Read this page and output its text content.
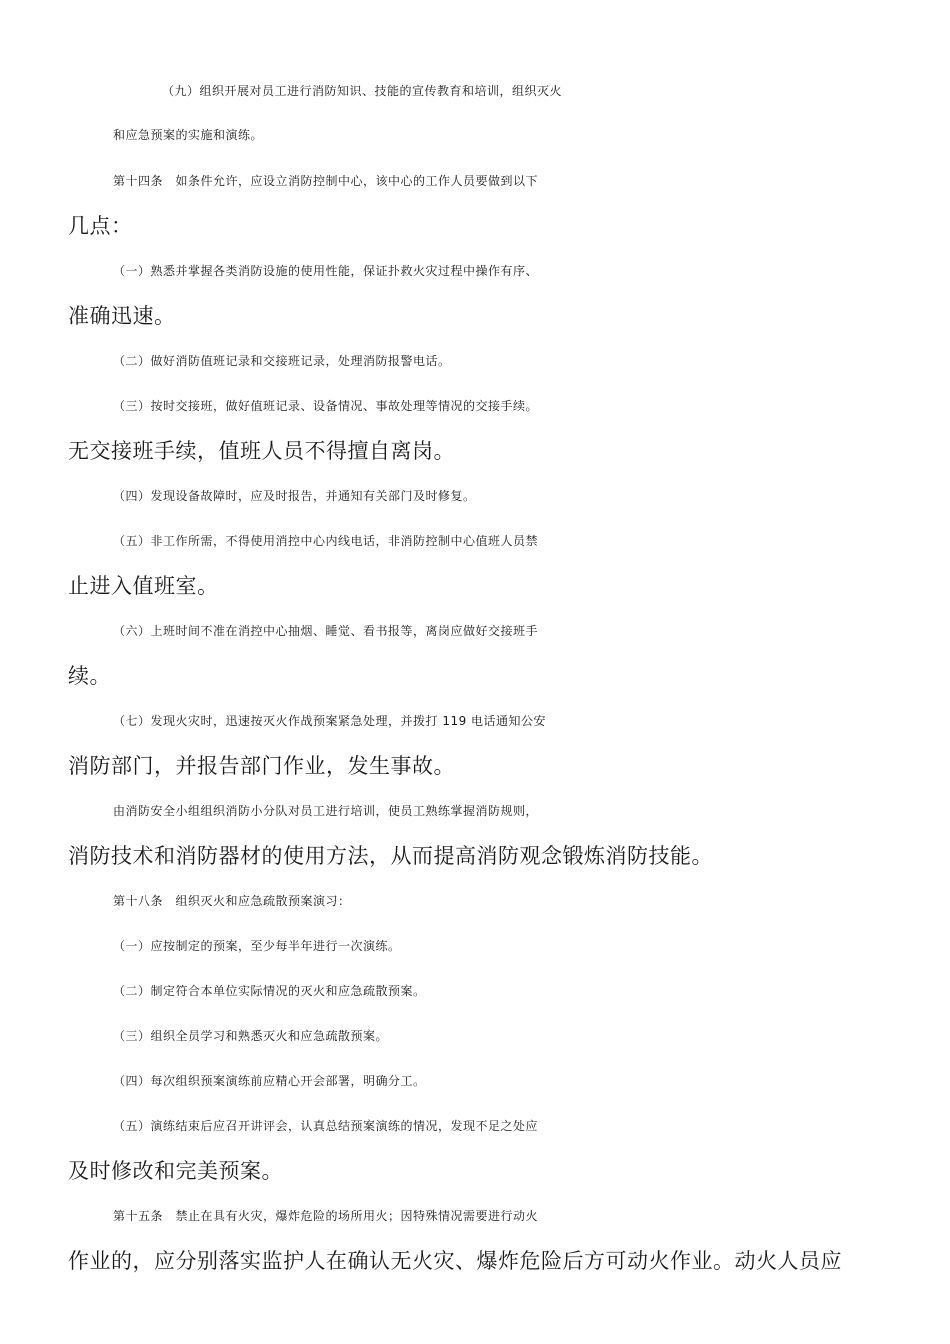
（九）组织开展对员工进行消防知识、技能的宣传教育和培训，组织灭火
和应急预案的实施和演练。
第十四条　如条件允许，应设立消防控制中心，该中心的工作人员要做到以下
几点：
（一）熟悉并掌握各类消防设施的使用性能，保证扑救火灾过程中操作有序、
准确迅速。
（二）做好消防值班记录和交接班记录，处理消防报警电话。
（三）按时交接班，做好值班记录、设备情况、事故处理等情况的交接手续。
无交接班手续，值班人员不得擅自离岗。
（四）发现设备故障时，应及时报告，并通知有关部门及时修复。
（五）非工作所需，不得使用消控中心内线电话，非消防控制中心值班人员禁
止进入值班室。
（六）上班时间不准在消控中心抽烟、睡觉、看书报等，离岗应做好交接班手
续。
（七）发现火灾时，迅速按灭火作战预案紧急处理，并拨打 119 电话通知公安
消防部门，并报告部门作业，发生事故。
由消防安全小组组织消防小分队对员工进行培训，使员工熟练掌握消防规则，
消防技术和消防器材的使用方法，从而提高消防观念锻炼消防技能。
第十八条　组织灭火和应急疏散预案演习：
（一）应按制定的预案，至少每半年进行一次演练。
（二）制定符合本单位实际情况的灭火和应急疏散预案。
（三）组织全员学习和熟悉灭火和应急疏散预案。
（四）每次组织预案演练前应精心开会部署，明确分工。
（五）演练结束后应召开讲评会，认真总结预案演练的情况，发现不足之处应
及时修改和完美预案。
第十五条　禁止在具有火灾，爆炸危险的场所用火；因特殊情况需要进行动火
作业的，应分别落实监护人在确认无火灾、爆炸危险后方可动火作业。动火人员应
